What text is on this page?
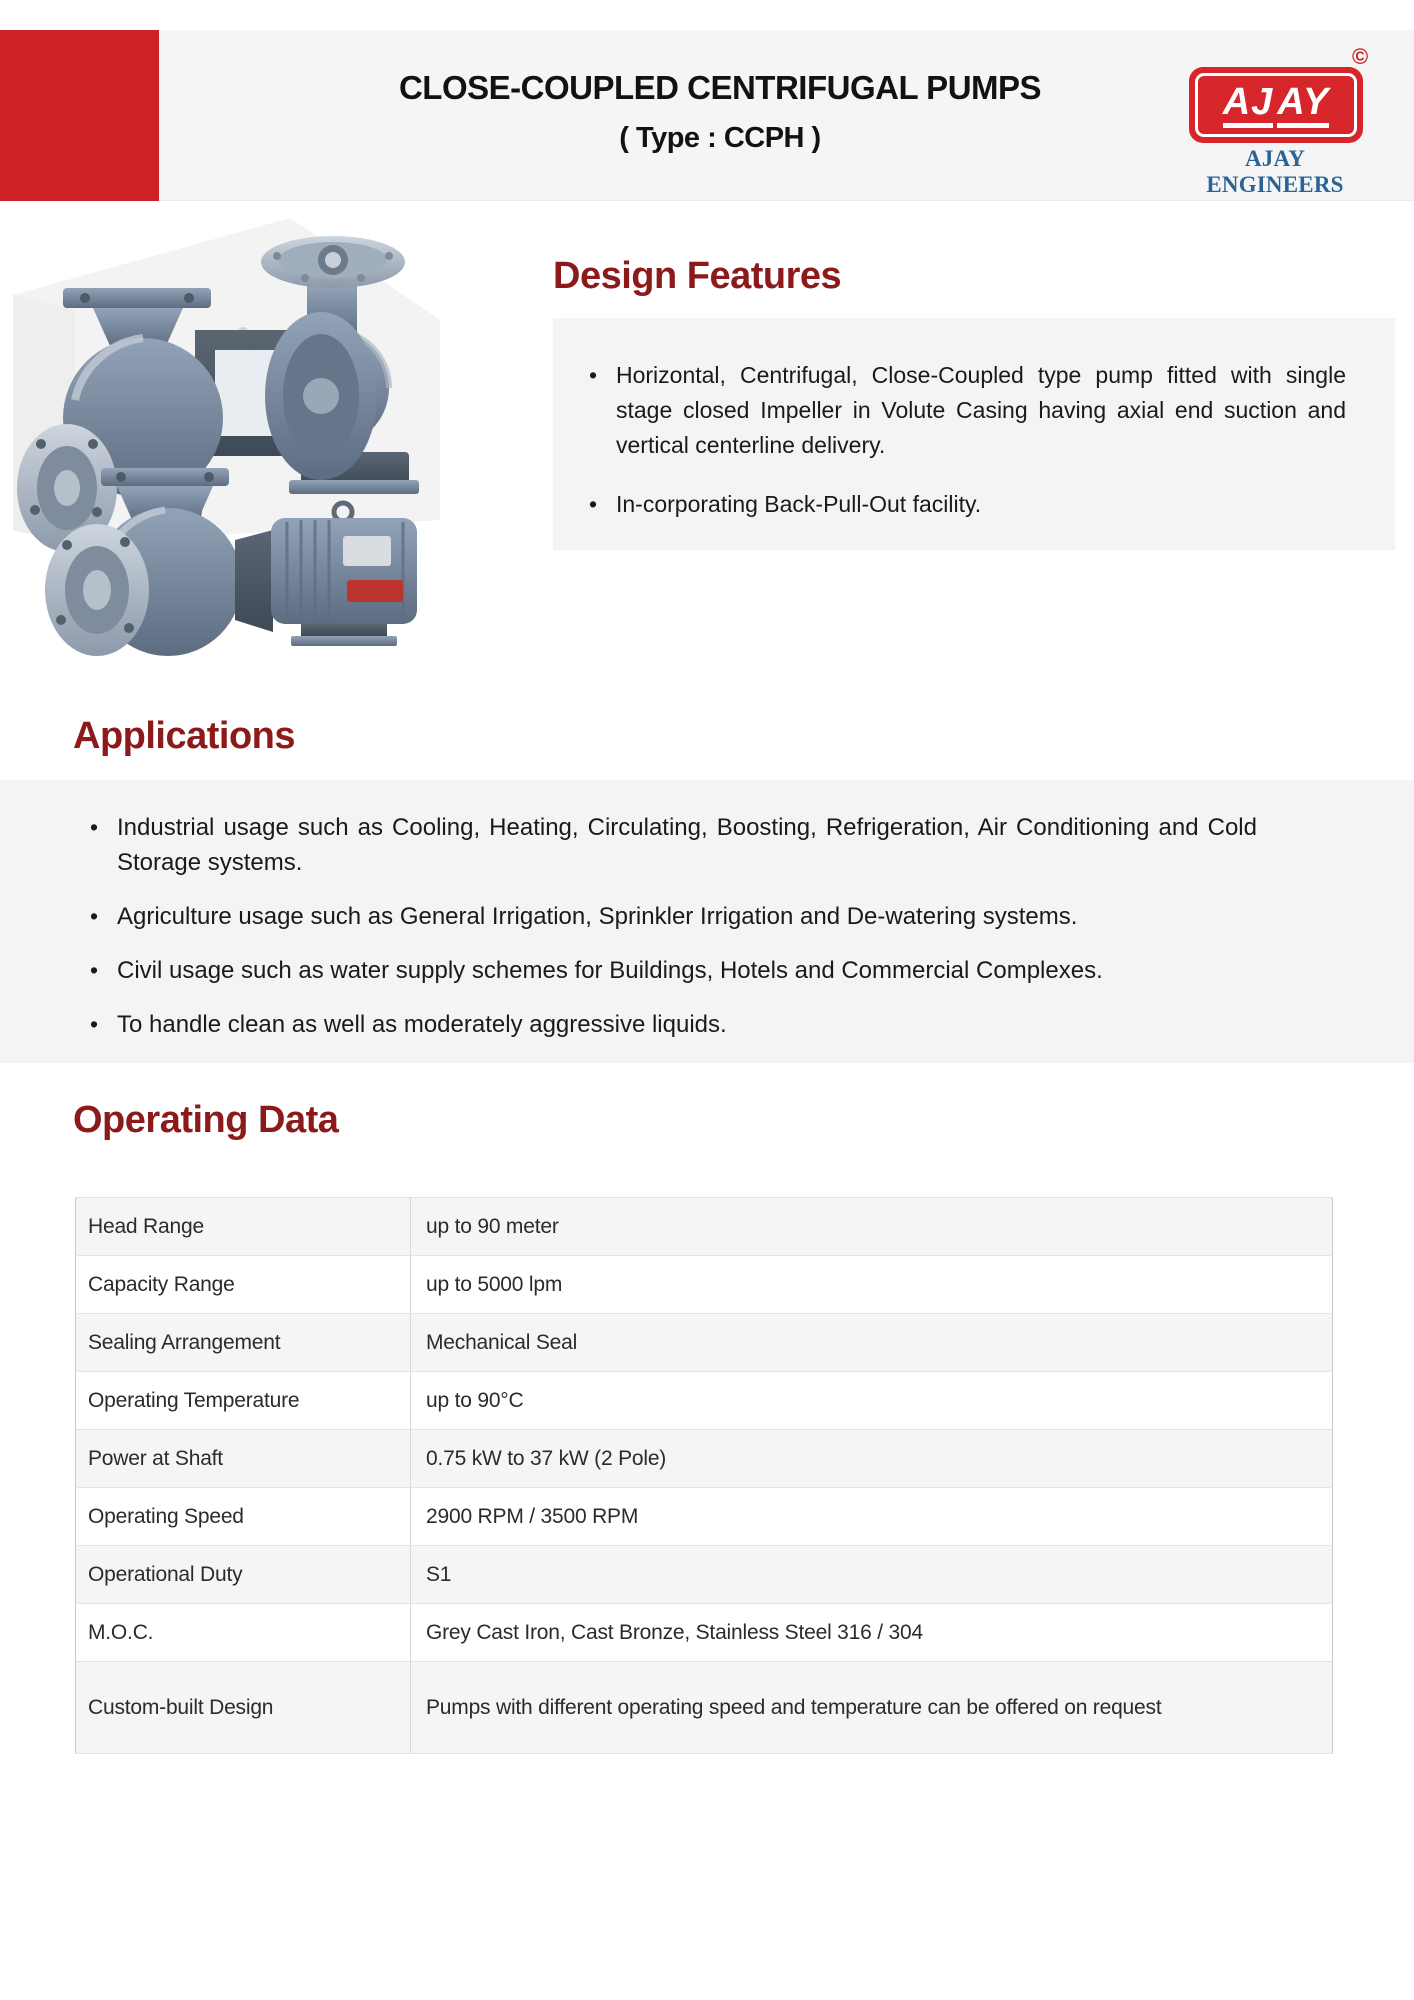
CLOSE-COUPLED CENTRIFUGAL PUMPS
( Type : CCPH )
©
AJ AY
AJAY ENGINEERS
Design Features
• Horizontal, Centrifugal, Close-Coupled type pump fitted with single stage closed Impeller in Volute Casing having axial end suction and vertical centerline delivery.
• In-corporating Back-Pull-Out facility.
Applications
• Industrial usage such as Cooling, Heating, Circulating, Boosting, Refrigeration, Air Conditioning and Cold Storage systems.
• Agriculture usage such as General Irrigation, Sprinkler Irrigation and De-watering systems.
• Civil usage such as water supply schemes for Buildings, Hotels and Commercial Complexes.
• To handle clean as well as moderately aggressive liquids.
Operating Data
Head Range	up to 90 meter
Capacity Range	up to 5000 lpm
Sealing Arrangement	Mechanical Seal
Operating Temperature	up to 90°C
Power at Shaft	0.75 kW to 37 kW (2 Pole)
Operating Speed	2900 RPM / 3500 RPM
Operational Duty	S1
M.O.C.	Grey Cast Iron, Cast Bronze, Stainless Steel 316 / 304
Custom-built Design	Pumps with different operating speed and temperature can be offered on request
